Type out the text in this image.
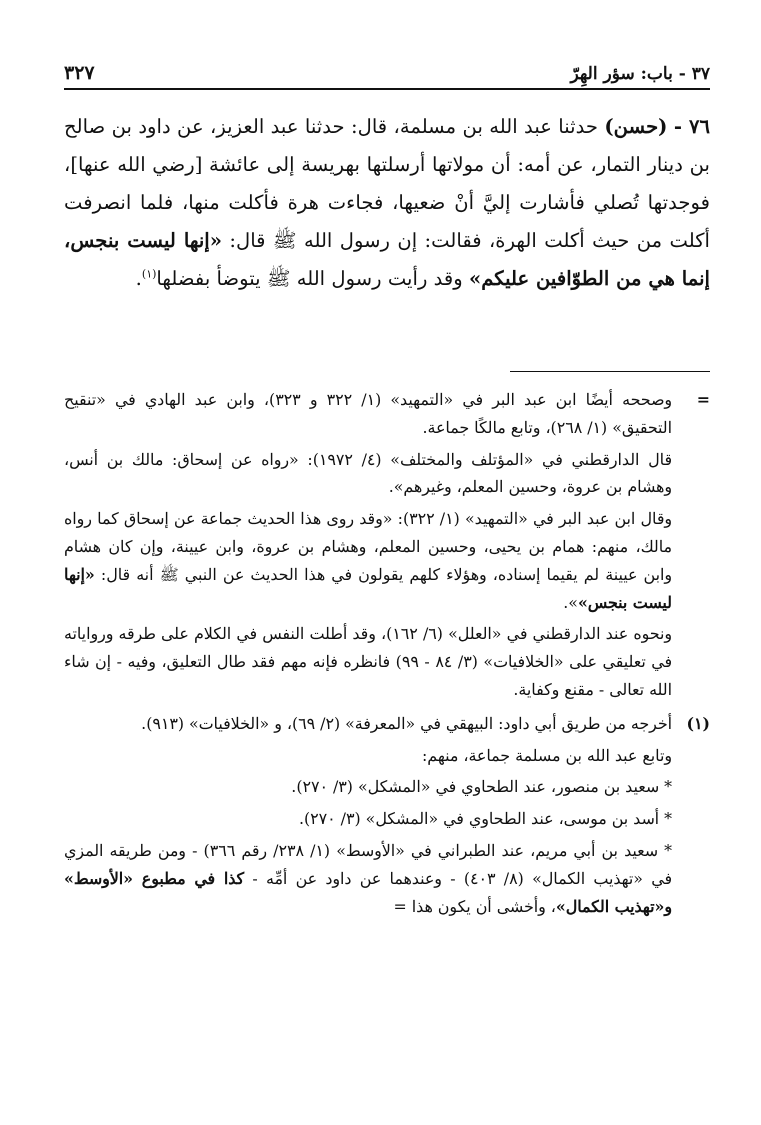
٣٢٧	٣٧ - باب: سؤر الهِرّ
٧٦ - (حسن) حدثنا عبد الله بن مسلمة، قال: حدثنا عبد العزيز، عن داود بن صالح بن دينار التمار، عن أمه: أن مولاتها أرسلتها بهريسة إلى عائشة [رضي الله عنها]، فوجدتها تُصلي فأشارت إليَّ أنْ ضعيها، فجاءت هرة فأكلت منها، فلما انصرفت أكلت من حيث أكلت الهرة، فقالت: إن رسول الله ﷺ قال: «إنها ليست بنجس، إنما هي من الطوّافين عليكم» وقد رأيت رسول الله ﷺ يتوضأ بفضلها$^{(١)}$.
=

وصححه أيضًا ابن عبد البر في «التمهيد» (١/ ٣٢٢ و ٣٢٣)، وابن عبد الهادي في «تنقيح التحقيق» (١/ ٢٦٨)، وتابع مالكًا جماعة.

قال الدارقطني في «المؤتلف والمختلف» (٤/ ١٩٧٢): «رواه عن إسحاق: مالك بن أنس، وهشام بن عروة، وحسين المعلم، وغيرهم».

وقال ابن عبد البر في «التمهيد» (١/ ٣٢٢): «وقد روى هذا الحديث جماعة عن إسحاق كما رواه مالك، منهم: همام بن يحيى، وحسين المعلم، وهشام بن عروة، وابن عيينة، وإن كان هشام وابن عيينة لم يقيما إسناده، وهؤلاء كلهم يقولون في هذا الحديث عن النبي ﷺ أنه قال: «إنها ليست بنجس»».

ونحوه عند الدارقطني في «العلل» (٦/ ١٦٢)، وقد أطلت النفس في الكلام على طرقه ورواياته في تعليقي على «الخلافيات» (٣/ ٨٤ - ٩٩) فانظره فإنه مهم فقد طال التعليق، وفيه - إن شاء الله تعالى - مقنع وكفاية.

(١)

أخرجه من طريق أبي داود: البيهقي في «المعرفة» (٢/ ٦٩)، و «الخلافيات» (٩١٣).

وتابع عبد الله بن مسلمة جماعة، منهم:

* سعيد بن منصور، عند الطحاوي في «المشكل» (٣/ ٢٧٠).

* أسد بن موسى، عند الطحاوي في «المشكل» (٣/ ٢٧٠).

* سعيد بن أبي مريم، عند الطبراني في «الأوسط» (١/ ٢٣٨/ رقم ٣٦٦) - ومن طريقه المزي في «تهذيب الكمال» (٨/ ٤٠٣) - وعندهما عن داود عن أمِّه - كذا في مطبوع «الأوسط» و«تهذيب الكمال»، وأخشى أن يكون هذا =
